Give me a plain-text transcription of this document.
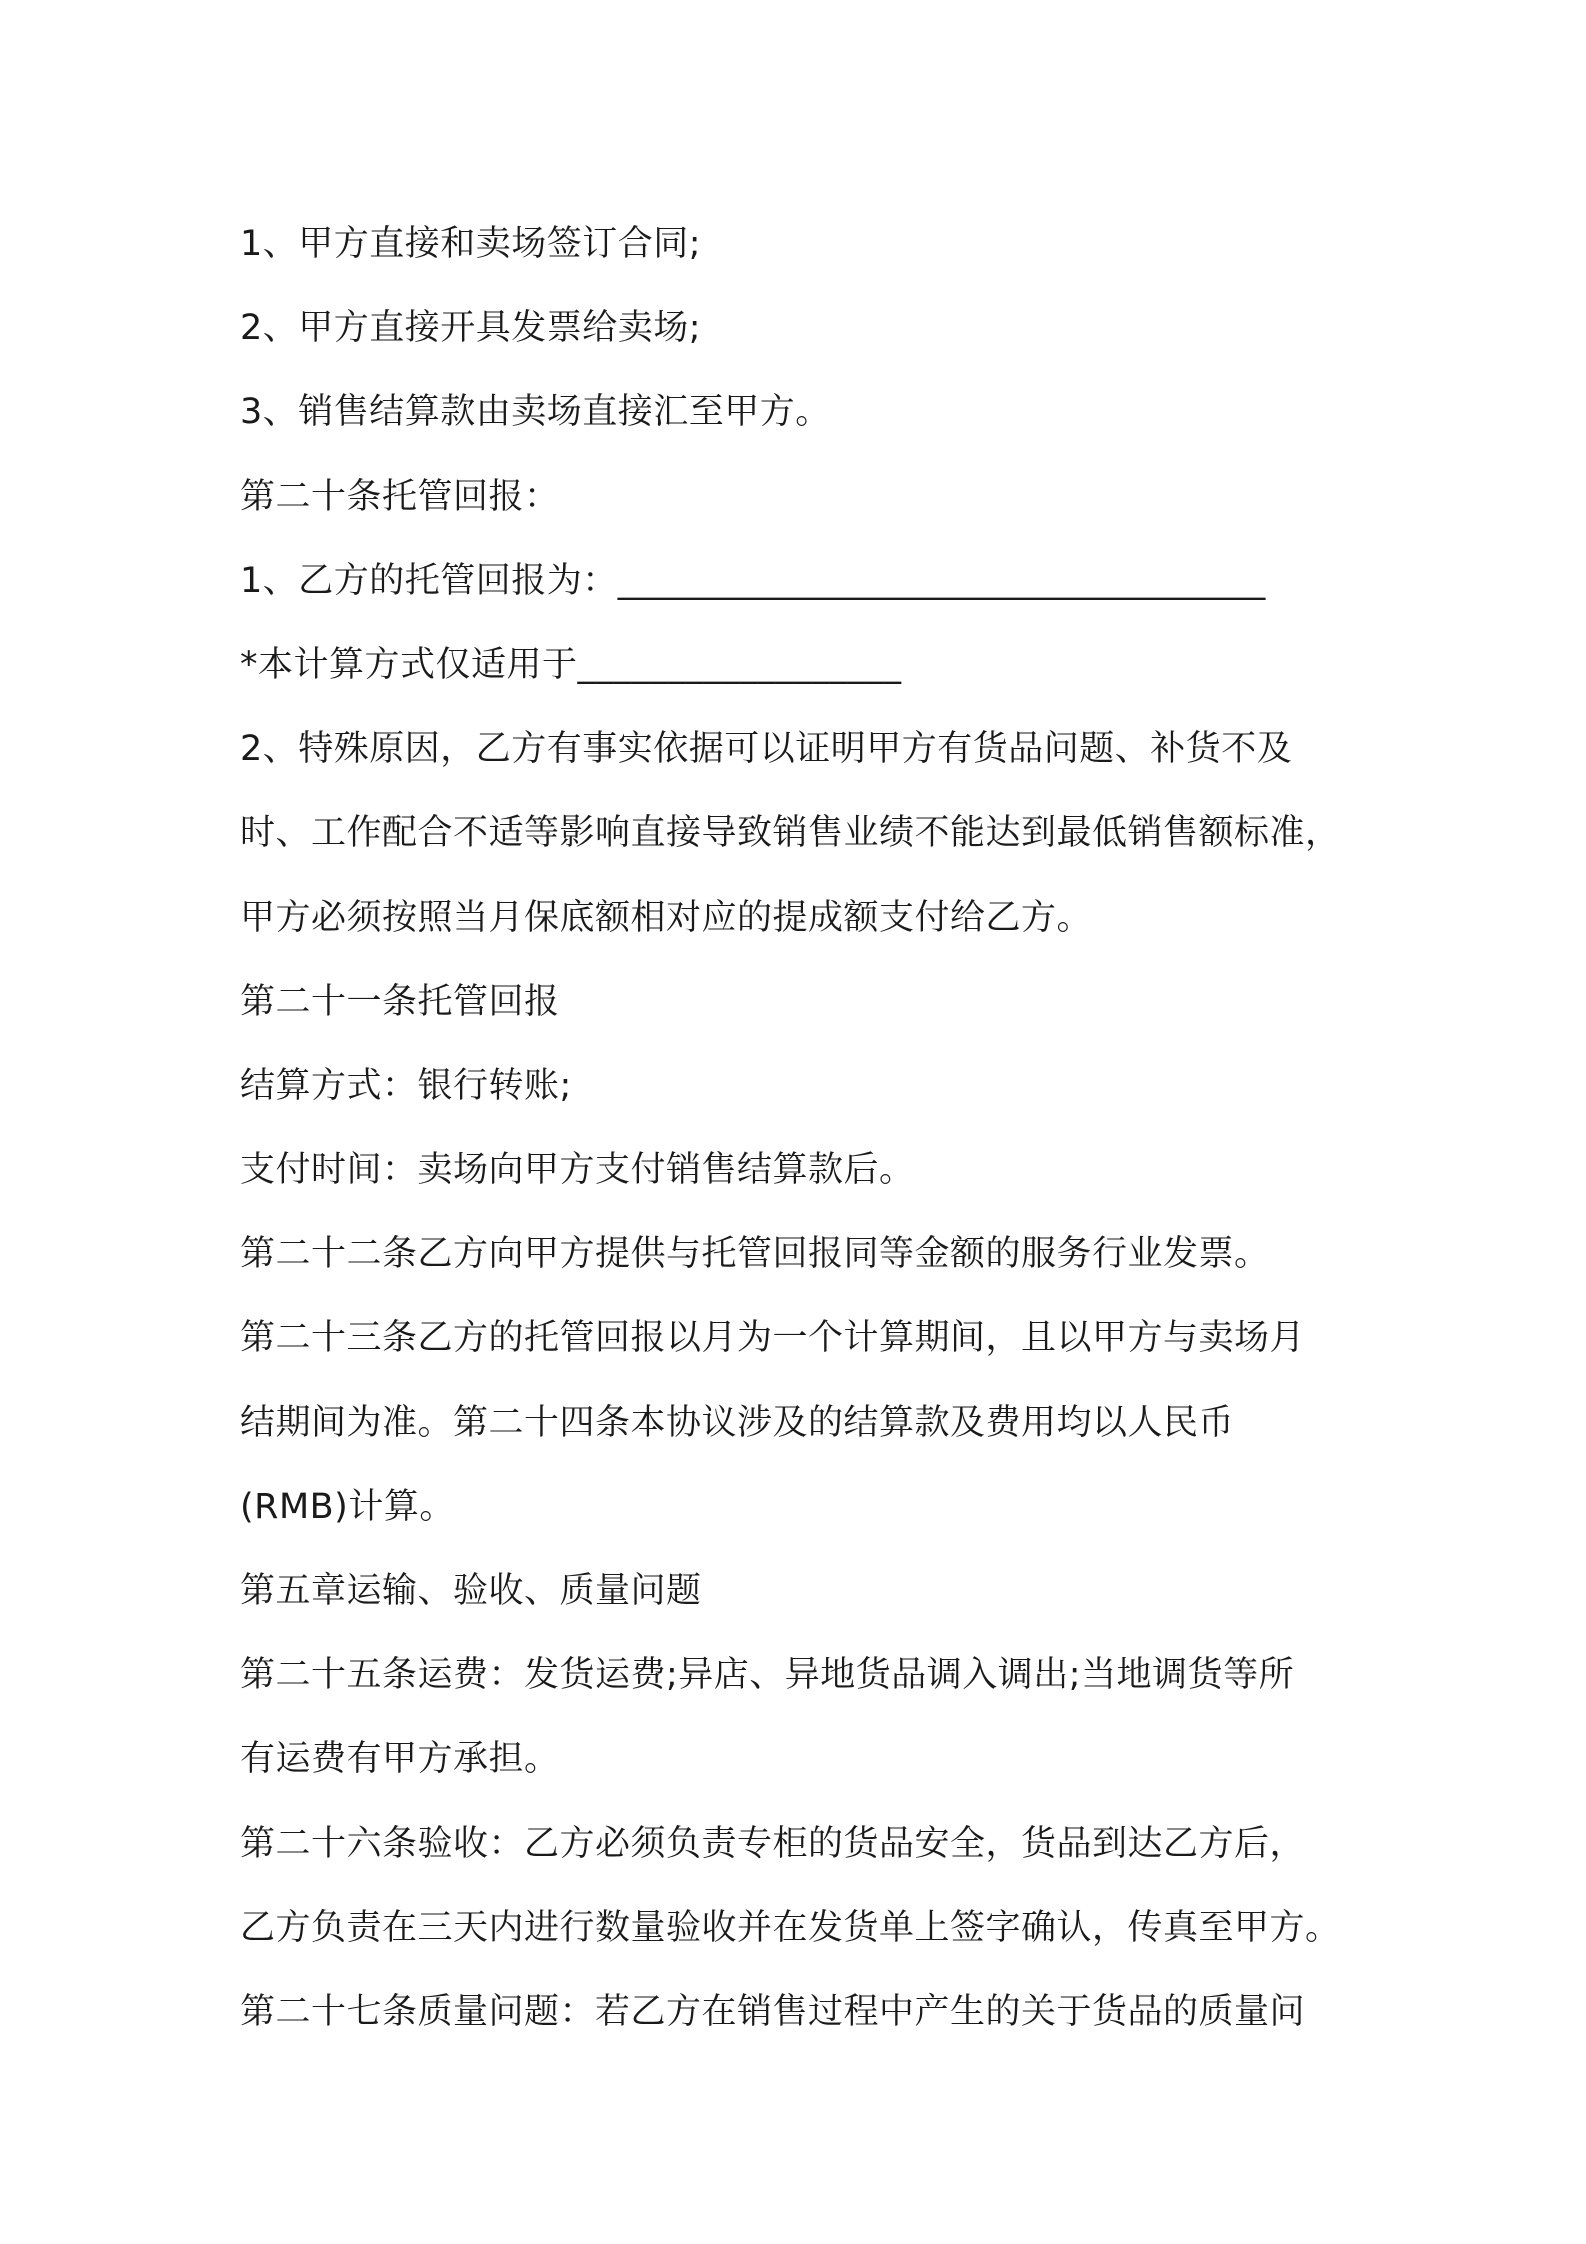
1、甲方直接和卖场签订合同;
2、甲方直接开具发票给卖场;
3、销售结算款由卖场直接汇至甲方。
第二十条托管回报：
1、乙方的托管回报为：____________________________________
*本计算方式仅适用于__________________
2、特殊原因，乙方有事实依据可以证明甲方有货品问题、补货不及
时、工作配合不适等影响直接导致销售业绩不能达到最低销售额标准，
甲方必须按照当月保底额相对应的提成额支付给乙方。
第二十一条托管回报
结算方式：银行转账;
支付时间：卖场向甲方支付销售结算款后。
第二十二条乙方向甲方提供与托管回报同等金额的服务行业发票。
第二十三条乙方的托管回报以月为一个计算期间，且以甲方与卖场月
结期间为准。第二十四条本协议涉及的结算款及费用均以人民币
(RMB)计算。
第五章运输、验收、质量问题
第二十五条运费：发货运费;异店、异地货品调入调出;当地调货等所
有运费有甲方承担。
第二十六条验收：乙方必须负责专柜的货品安全，货品到达乙方后，
乙方负责在三天内进行数量验收并在发货单上签字确认，传真至甲方。
第二十七条质量问题：若乙方在销售过程中产生的关于货品的质量问
